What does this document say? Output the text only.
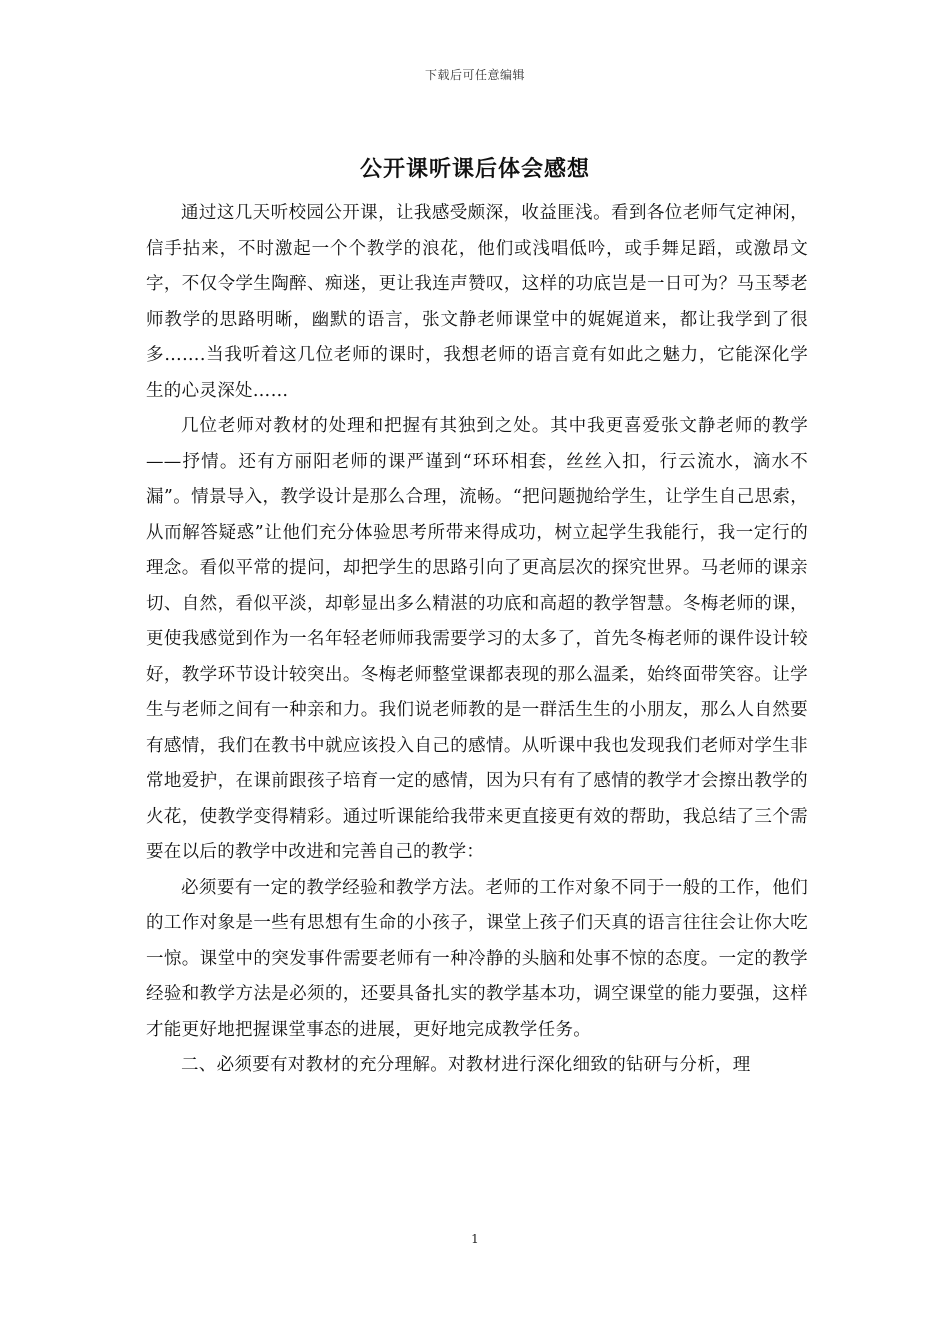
下载后可任意编辑
公开课听课后体会感想

通过这几天听校园公开课，让我感受颇深，收益匪浅。看到各位老师气定神闲，信手拈来，不时激起一个个教学的浪花，他们或浅唱低吟，或手舞足蹈，或激昂文字，不仅令学生陶醉、痴迷，更让我连声赞叹，这样的功底岂是一日可为？马玉琴老师教学的思路明晰，幽默的语言，张文静老师课堂中的娓娓道来，都让我学到了很多…….当我听着这几位老师的课时，我想老师的语言竟有如此之魅力，它能深化学生的心灵深处……

几位老师对教材的处理和把握有其独到之处。其中我更喜爱张文静老师的教学——抒情。还有方丽阳老师的课严谨到“环环相套，丝丝入扣，行云流水，滴水不漏”。情景导入，教学设计是那么合理，流畅。“把问题抛给学生，让学生自己思索，从而解答疑惑”让他们充分体验思考所带来得成功，树立起学生我能行，我一定行的理念。看似平常的提问，却把学生的思路引向了更高层次的探究世界。马老师的课亲切、自然，看似平淡，却彰显出多么精湛的功底和高超的教学智慧。冬梅老师的课，更使我感觉到作为一名年轻老师师我需要学习的太多了，首先冬梅老师的课件设计较好，教学环节设计较突出。冬梅老师整堂课都表现的那么温柔，始终面带笑容。让学生与老师之间有一种亲和力。我们说老师教的是一群活生生的小朋友，那么人自然要有感情，我们在教书中就应该投入自己的感情。从听课中我也发现我们老师对学生非常地爱护，在课前跟孩子培育一定的感情，因为只有有了感情的教学才会擦出教学的火花，使教学变得精彩。通过听课能给我带来更直接更有效的帮助，我总结了三个需要在以后的教学中改进和完善自己的教学：

必须要有一定的教学经验和教学方法。老师的工作对象不同于一般的工作，他们的工作对象是一些有思想有生命的小孩子，课堂上孩子们天真的语言往往会让你大吃一惊。课堂中的突发事件需要老师有一种冷静的头脑和处事不惊的态度。一定的教学经验和教学方法是必须的，还要具备扎实的教学基本功，调空课堂的能力要强，这样才能更好地把握课堂事态的进展，更好地完成教学任务。

二、必须要有对教材的充分理解。对教材进行深化细致的钻研与分析，理

1
